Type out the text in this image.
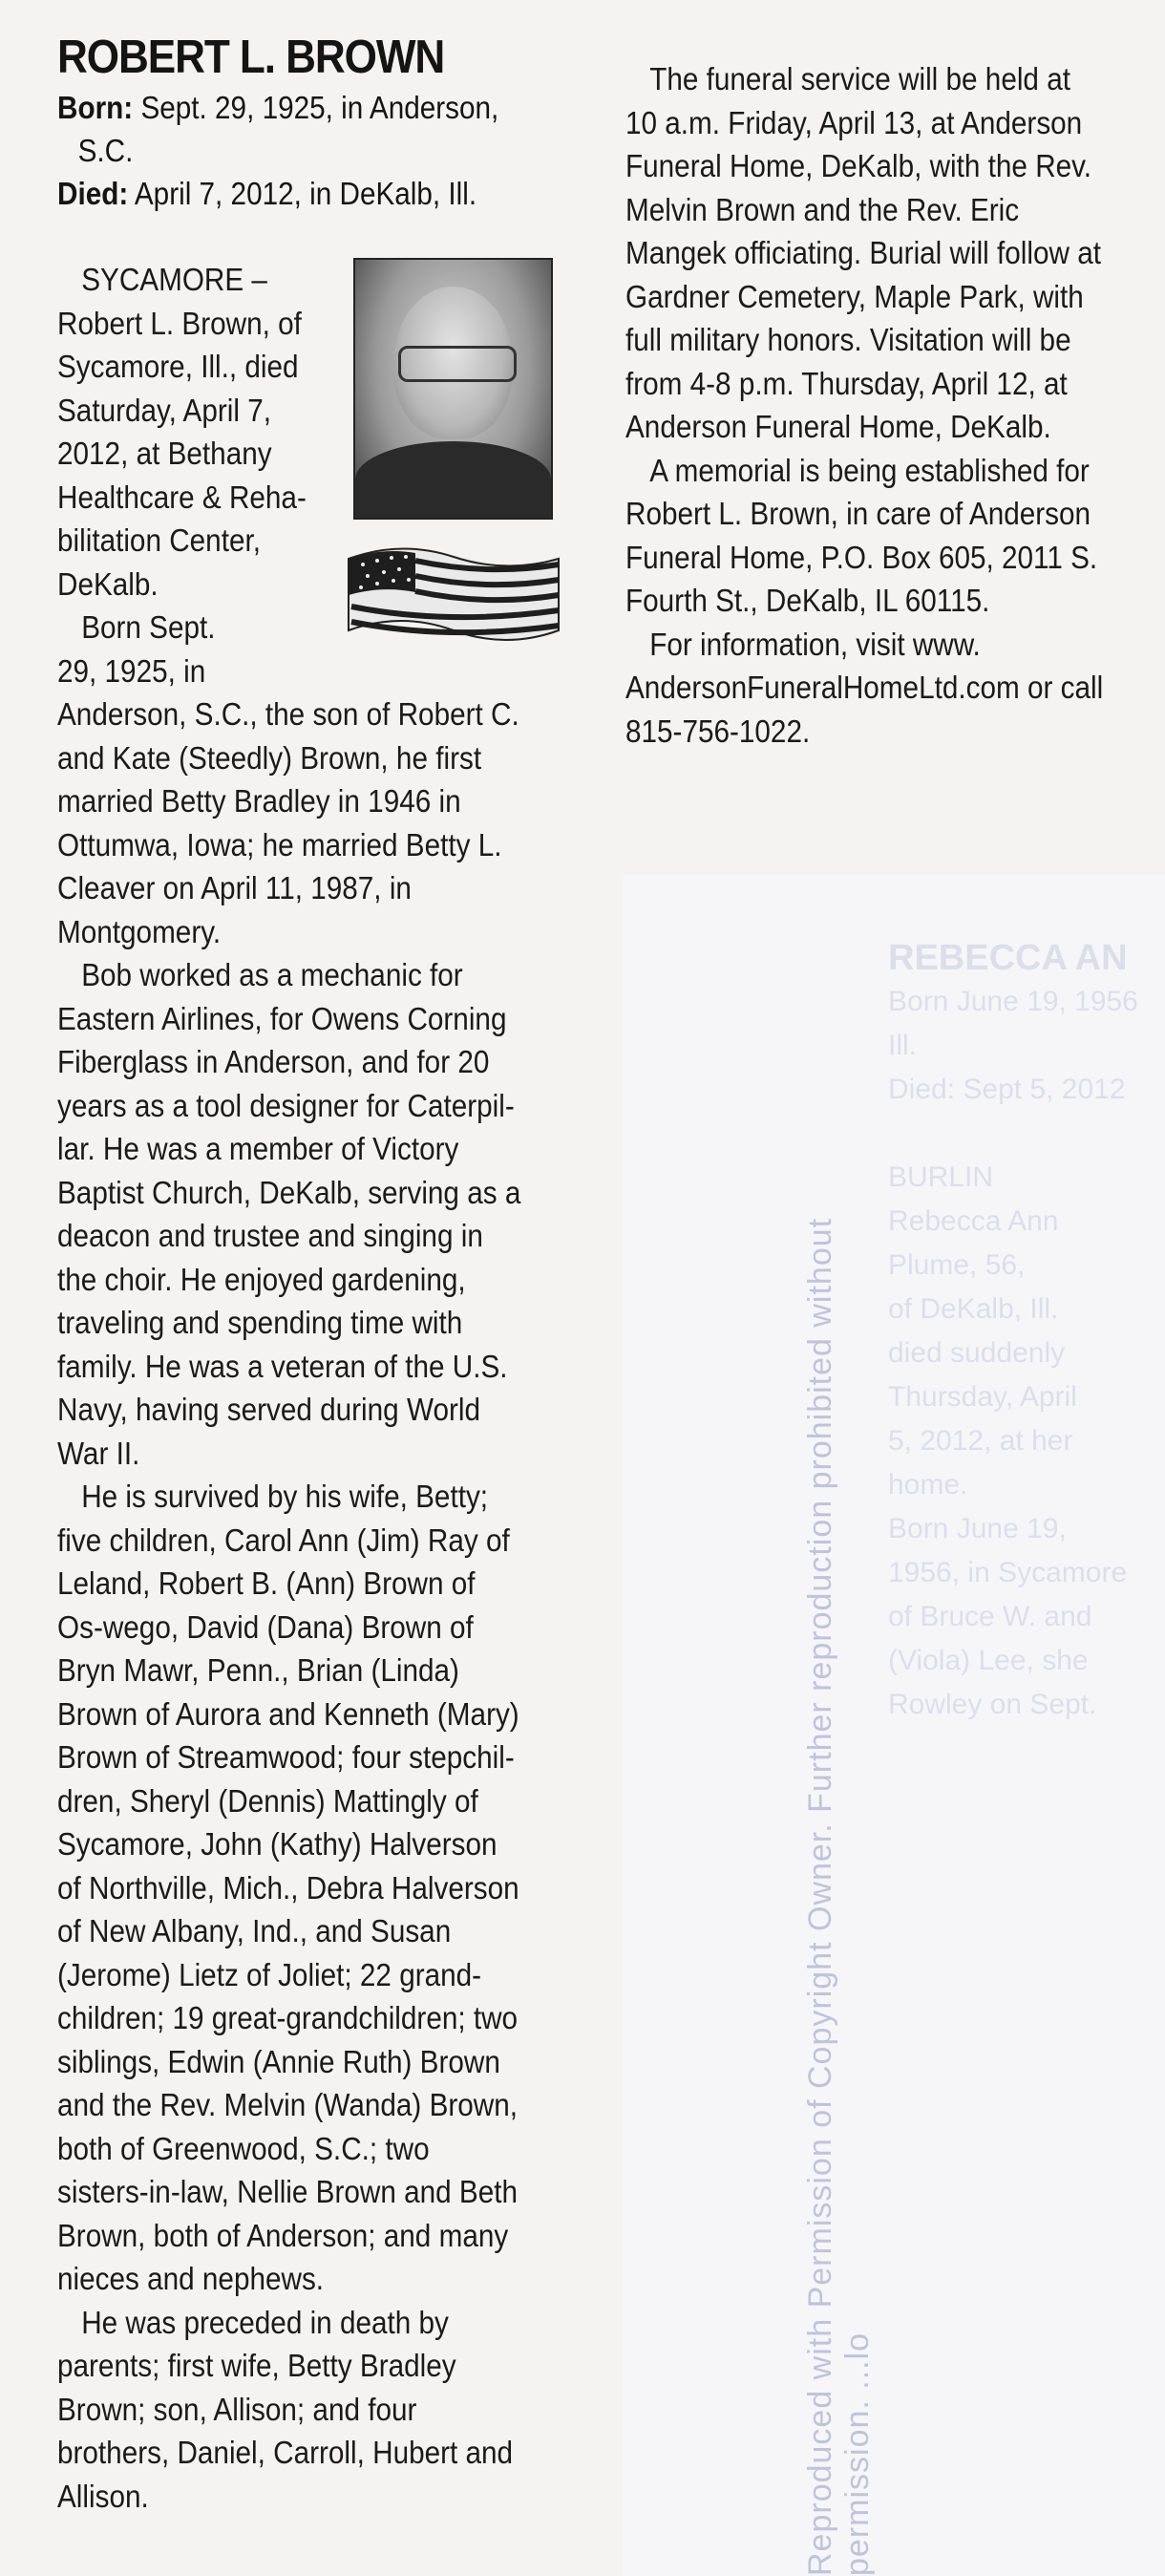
Reproduced with Permission of Copyright Owner. Further reproduction prohibited without permission. ...lo
REBECCA AN
Born June 19, 1956
Ill.
Died: Sept 5, 2012

BURLIN
Rebecca Ann
Plume, 56,
of DeKalb, Ill.
died suddenly
Thursday, April
5, 2012, at her
home.
Born June 19,
1956, in Sycamore
of Bruce W. and
(Viola) Lee, she
Rowley on Sept.
ROBERT L. BROWN
Born: Sept. 29, 1925, in Anderson,
S.C.
Died: April 7, 2012, in DeKalb, Ill.
SYCAMORE –
Robert L. Brown, of
Sycamore, Ill., died
Saturday, April 7,
2012, at Bethany
Healthcare & Reha-
bilitation Center,
DeKalb.
Born Sept.
29, 1925, in

Anderson, S.C., the son of Robert C. and Kate (Steedly) Brown, he first married Betty Bradley in 1946 in Ottumwa, Iowa; he married Betty L. Cleaver on April 11, 1987, in Montgomery.

Bob worked as a mechanic for Eastern Airlines, for Owens Corning Fiberglass in Anderson, and for 20 years as a tool designer for Caterpil-lar. He was a member of Victory Baptist Church, DeKalb, serving as a deacon and trustee and singing in the choir. He enjoyed gardening, traveling and spending time with family. He was a veteran of the U.S. Navy, having served during World War II.

He is survived by his wife, Betty; five children, Carol Ann (Jim) Ray of Leland, Robert B. (Ann) Brown of Os-wego, David (Dana) Brown of Bryn Mawr, Penn., Brian (Linda) Brown of Aurora and Kenneth (Mary) Brown of Streamwood; four stepchil-dren, Sheryl (Dennis) Mattingly of Sycamore, John (Kathy) Halverson of Northville, Mich., Debra Halverson of New Albany, Ind., and Susan (Jerome) Lietz of Joliet; 22 grand-children; 19 great-grandchildren; two siblings, Edwin (Annie Ruth) Brown and the Rev. Melvin (Wanda) Brown, both of Greenwood, S.C.; two sisters-in-law, Nellie Brown and Beth Brown, both of Anderson; and many nieces and nephews.

He was preceded in death by parents; first wife, Betty Bradley Brown; son, Allison; and four brothers, Daniel, Carroll, Hubert and Allison.

The funeral service will be held at 10 a.m. Friday, April 13, at Anderson Funeral Home, DeKalb, with the Rev. Melvin Brown and the Rev. Eric Mangek officiating. Burial will follow at Gardner Cemetery, Maple Park, with full military honors. Visitation will be from 4-8 p.m. Thursday, April 12, at Anderson Funeral Home, DeKalb.

A memorial is being established for Robert L. Brown, in care of Anderson Funeral Home, P.O. Box 605, 2011 S. Fourth St., DeKalb, IL 60115.

For information, visit www. AndersonFuneralHomeLtd.com or call 815-756-1022.
